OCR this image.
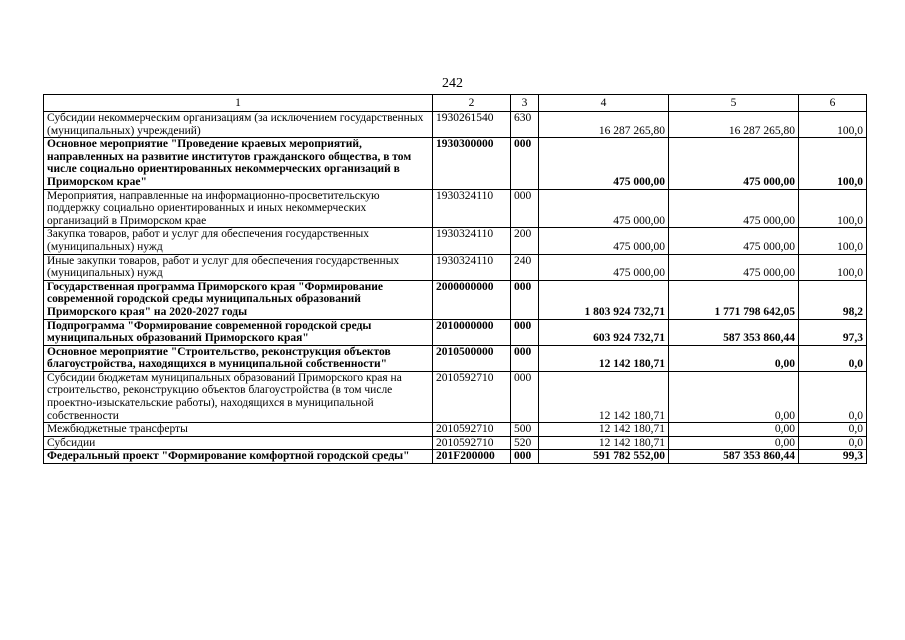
242
1	2	3	4	5	6
Субсидии некоммерческим организациям (за исключением государственных (муниципальных) учреждений)	1930261540	630	16 287 265,80	16 287 265,80	100,0
Основное мероприятие "Проведение краевых мероприятий, направленных на развитие институтов гражданского общества, в том числе социально ориентированных некоммерческих организаций в Приморском крае"	1930300000	000	475 000,00	475 000,00	100,0
Мероприятия, направленные на информационно-просветительскую поддержку социально ориентированных и иных некоммерческих организаций в Приморском крае	1930324110	000	475 000,00	475 000,00	100,0
Закупка товаров, работ и услуг для обеспечения государственных (муниципальных) нужд	1930324110	200	475 000,00	475 000,00	100,0
Иные закупки товаров, работ и услуг для обеспечения государственных (муниципальных) нужд	1930324110	240	475 000,00	475 000,00	100,0
Государственная программа Приморского края "Формирование современной городской среды муниципальных образований Приморского края" на 2020-2027 годы	2000000000	000	1 803 924 732,71	1 771 798 642,05	98,2
Подпрограмма "Формирование современной городской среды муниципальных образований Приморского края"	2010000000	000	603 924 732,71	587 353 860,44	97,3
Основное мероприятие "Строительство, реконструкция объектов благоустройства, находящихся в муниципальной собственности"	2010500000	000	12 142 180,71	0,00	0,0
Субсидии бюджетам муниципальных образований Приморского края на строительство, реконструкцию объектов благоустройства (в том числе проектно-изыскательские работы), находящихся в муниципальной собственности	2010592710	000	12 142 180,71	0,00	0,0
Межбюджетные трансферты	2010592710	500	12 142 180,71	0,00	0,0
Субсидии	2010592710	520	12 142 180,71	0,00	0,0
Федеральный проект "Формирование комфортной городской среды"	201F200000	000	591 782 552,00	587 353 860,44	99,3
